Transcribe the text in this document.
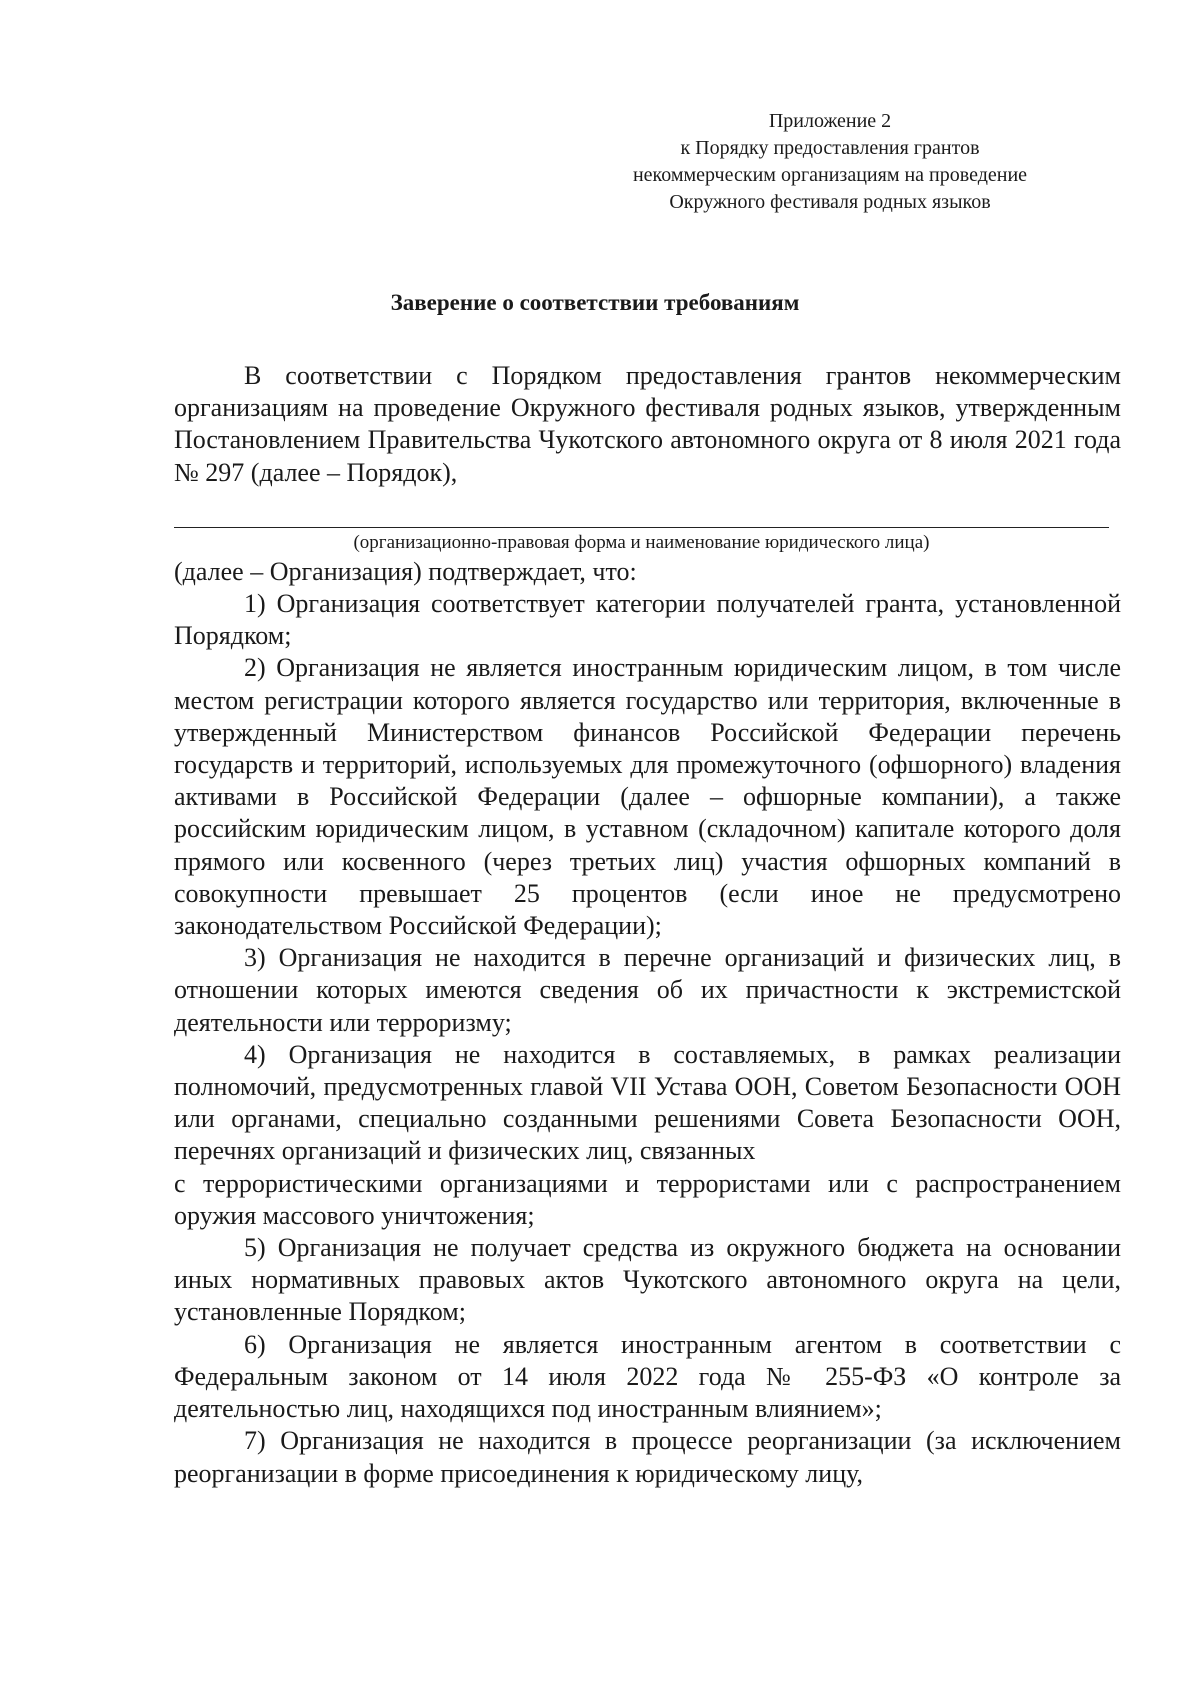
Приложение 2
к Порядку предоставления грантов
некоммерческим организациям на проведение
Окружного фестиваля родных языков
Заверение о соответствии требованиям

В соответствии с Порядком предоставления грантов некоммерческим организациям на проведение Окружного фестиваля родных языков, утвержденным Постановлением Правительства Чукотского автономного округа от 8 июля 2021 года № 297 (далее – Порядок),

(организационно-правовая форма и наименование юридического лица)

(далее – Организация) подтверждает, что:

1) Организация соответствует категории получателей гранта, установленной Порядком;

2) Организация не является иностранным юридическим лицом, в том числе местом регистрации которого является государство или территория, включенные в утвержденный Министерством финансов Российской Федерации перечень государств и территорий, используемых для промежуточного (офшорного) владения активами в Российской Федерации (далее – офшорные компании), а также российским юридическим лицом, в уставном (складочном) капитале которого доля прямого или косвенного (через третьих лиц) участия офшорных компаний в совокупности превышает 25 процентов (если иное не предусмотрено законодательством Российской Федерации);

3) Организация не находится в перечне организаций и физических лиц, в отношении которых имеются сведения об их причастности к экстремистской деятельности или терроризму;

4) Организация не находится в составляемых, в рамках реализации полномочий, предусмотренных главой VII Устава ООН, Советом Безопасности ООН или органами, специально созданными решениями Совета Безопасности ООН, перечнях организаций и физических лиц, связанных

с террористическими организациями и террористами или с распространением оружия массового уничтожения;

5) Организация не получает средства из окружного бюджета на основании иных нормативных правовых актов Чукотского автономного округа на цели, установленные Порядком;

6) Организация не является иностранным агентом в соответствии с Федеральным законом от 14 июля 2022 года № 255-ФЗ «О контроле за деятельностью лиц, находящихся под иностранным влиянием»;

7) Организация не находится в процессе реорганизации (за исключением реорганизации в форме присоединения к юридическому лицу,
